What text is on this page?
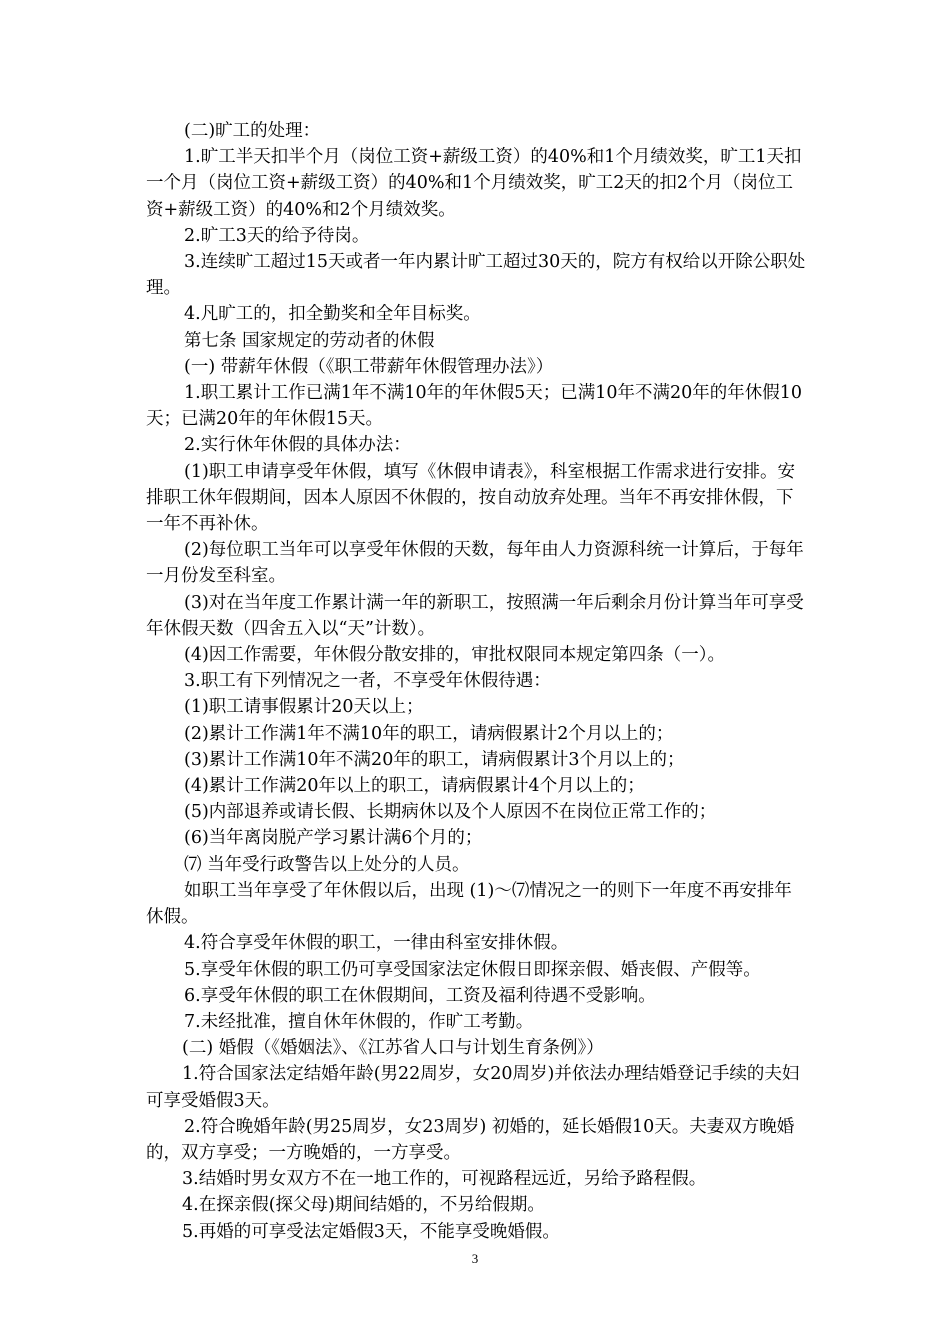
(二)旷工的处理：

1.旷工半天扣半个月（岗位工资+薪级工资）的40%和1个月绩效奖，旷工1天扣一个月（岗位工资+薪级工资）的40%和1个月绩效奖，旷工2天的扣2个月（岗位工资+薪级工资）的40%和2个月绩效奖。

2.旷工3天的给予待岗。

3.连续旷工超过15天或者一年内累计旷工超过30天的，院方有权给以开除公职处理。

4.凡旷工的，扣全勤奖和全年目标奖。

第七条 国家规定的劳动者的休假

(一) 带薪年休假（《职工带薪年休假管理办法》）

1.职工累计工作已满1年不满10年的年休假5天；已满10年不满20年的年休假10天；已满20年的年休假15天。

2.实行休年休假的具体办法：

(1)职工申请享受年休假，填写《休假申请表》，科室根据工作需求进行安排。安排职工休年假期间，因本人原因不休假的，按自动放弃处理。当年不再安排休假，下一年不再补休。

(2)每位职工当年可以享受年休假的天数，每年由人力资源科统一计算后，于每年一月份发至科室。

(3)对在当年度工作累计满一年的新职工，按照满一年后剩余月份计算当年可享受年休假天数（四舍五入以“天”计数）。

(4)因工作需要，年休假分散安排的，审批权限同本规定第四条（一）。

3.职工有下列情况之一者，不享受年休假待遇：

(1)职工请事假累计20天以上；

(2)累计工作满1年不满10年的职工，请病假累计2个月以上的；

(3)累计工作满10年不满20年的职工，请病假累计3个月以上的；

(4)累计工作满20年以上的职工，请病假累计4个月以上的；

(5)内部退养或请长假、长期病休以及个人原因不在岗位正常工作的；

(6)当年离岗脱产学习累计满6个月的；

⑺ 当年受行政警告以上处分的人员。

如职工当年享受了年休假以后，出现 (1)～⑺情况之一的则下一年度不再安排年休假。

4.符合享受年休假的职工，一律由科室安排休假。

5.享受年休假的职工仍可享受国家法定休假日即探亲假、婚丧假、产假等。

6.享受年休假的职工在休假期间，工资及福利待遇不受影响。

7.未经批准，擅自休年休假的，作旷工考勤。

(二) 婚假（《婚姻法》、《江苏省人口与计划生育条例》）

1.符合国家法定结婚年龄(男22周岁，女20周岁)并依法办理结婚登记手续的夫妇可享受婚假3天。

2.符合晚婚年龄(男25周岁，女23周岁) 初婚的，延长婚假10天。夫妻双方晚婚的，双方享受；一方晚婚的，一方享受。

3.结婚时男女双方不在一地工作的，可视路程远近，另给予路程假。

4.在探亲假(探父母)期间结婚的，不另给假期。

5.再婚的可享受法定婚假3天，不能享受晚婚假。

3
